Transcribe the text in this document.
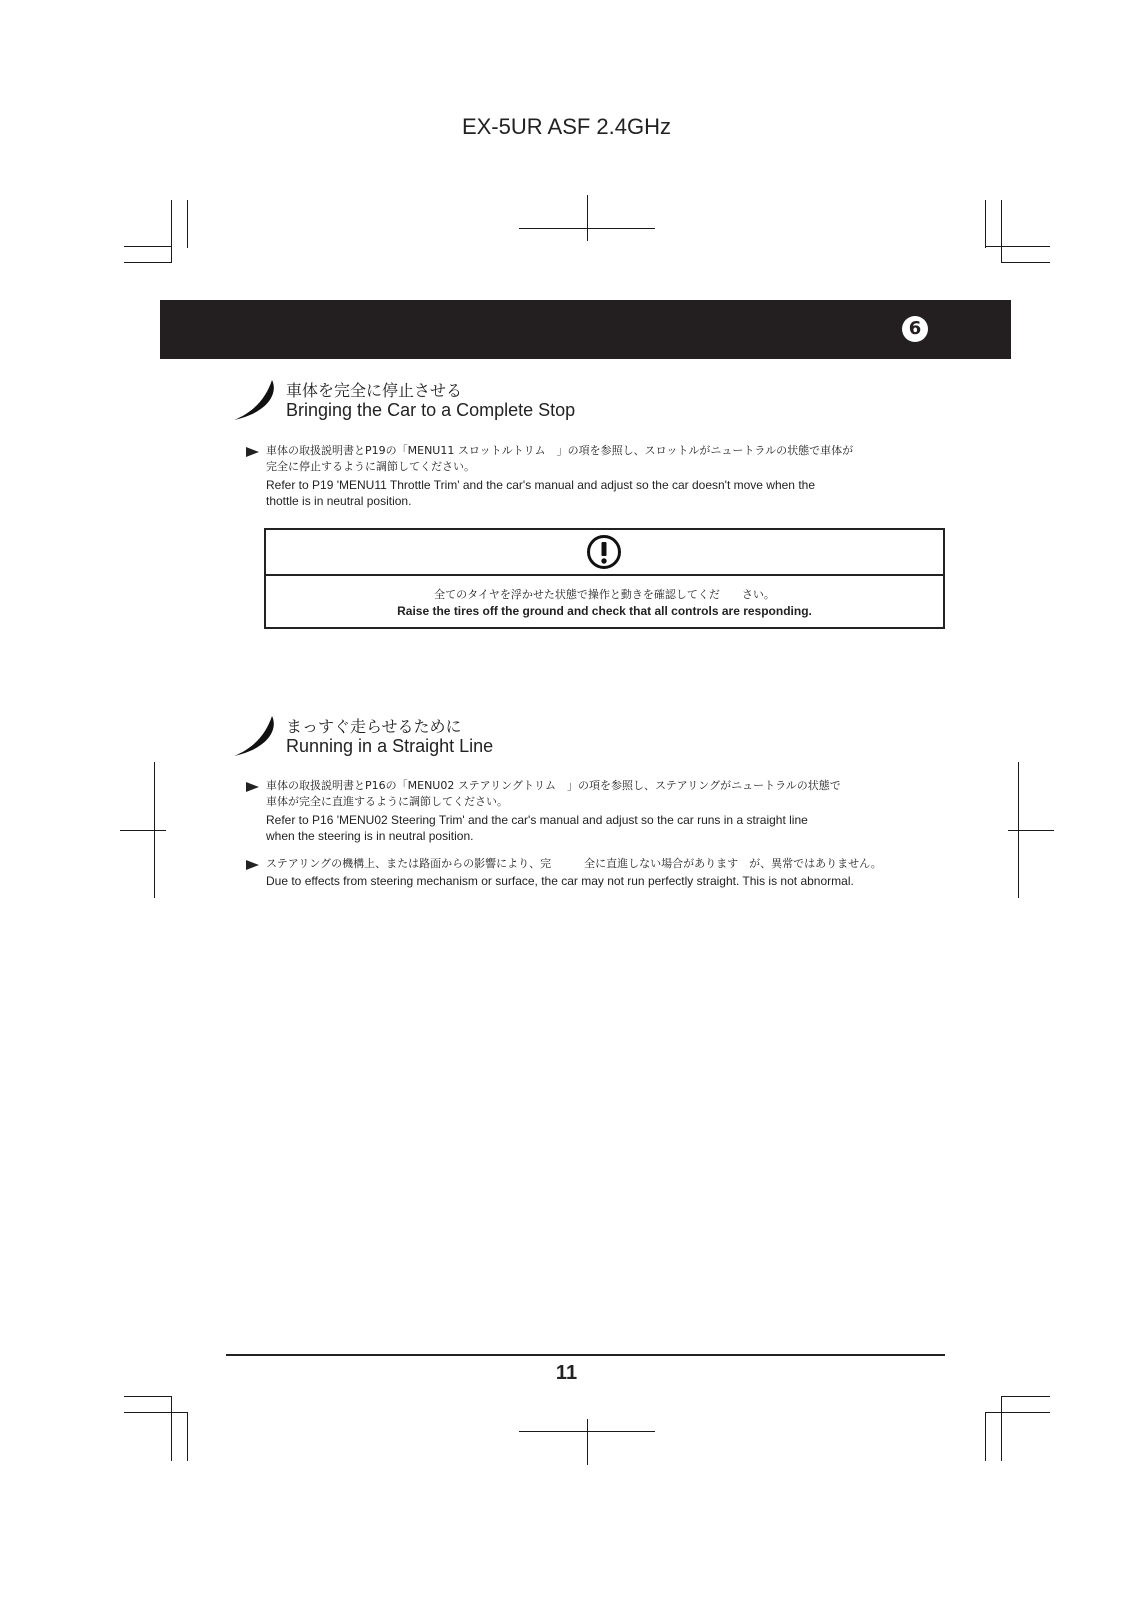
EX-5UR ASF 2.4GHz
6
車体を完全に停止させる
Bringing the Car to a Complete Stop
車体の取扱説明書とP19の「MENU11 スロットルトリム　」の項を参照し、スロットルがニュートラルの状態で車体が
完全に停止するように調節してください。
Refer to P19 'MENU11 Throttle Trim' and the car's manual and adjust so the car doesn't move when the
thottle is in neutral position.
全てのタイヤを浮かせた状態で操作と動きを確認してくだ　　さい。
Raise the tires off the ground and check that all controls are responding.
まっすぐ走らせるために
Running in a Straight Line
車体の取扱説明書とP16の「MENU02 ステアリングトリム　」の項を参照し、ステアリングがニュートラルの状態で
車体が完全に直進するように調節してください。
Refer to P16 'MENU02 Steering Trim' and the car's manual and adjust so the car runs in a straight line
when the steering is in neutral position.
ステアリングの機構上、または路面からの影響により、完　　　全に直進しない場合があります　が、異常ではありません。
Due to effects from steering mechanism or surface, the car may not run perfectly straight. This is not abnormal.
11
